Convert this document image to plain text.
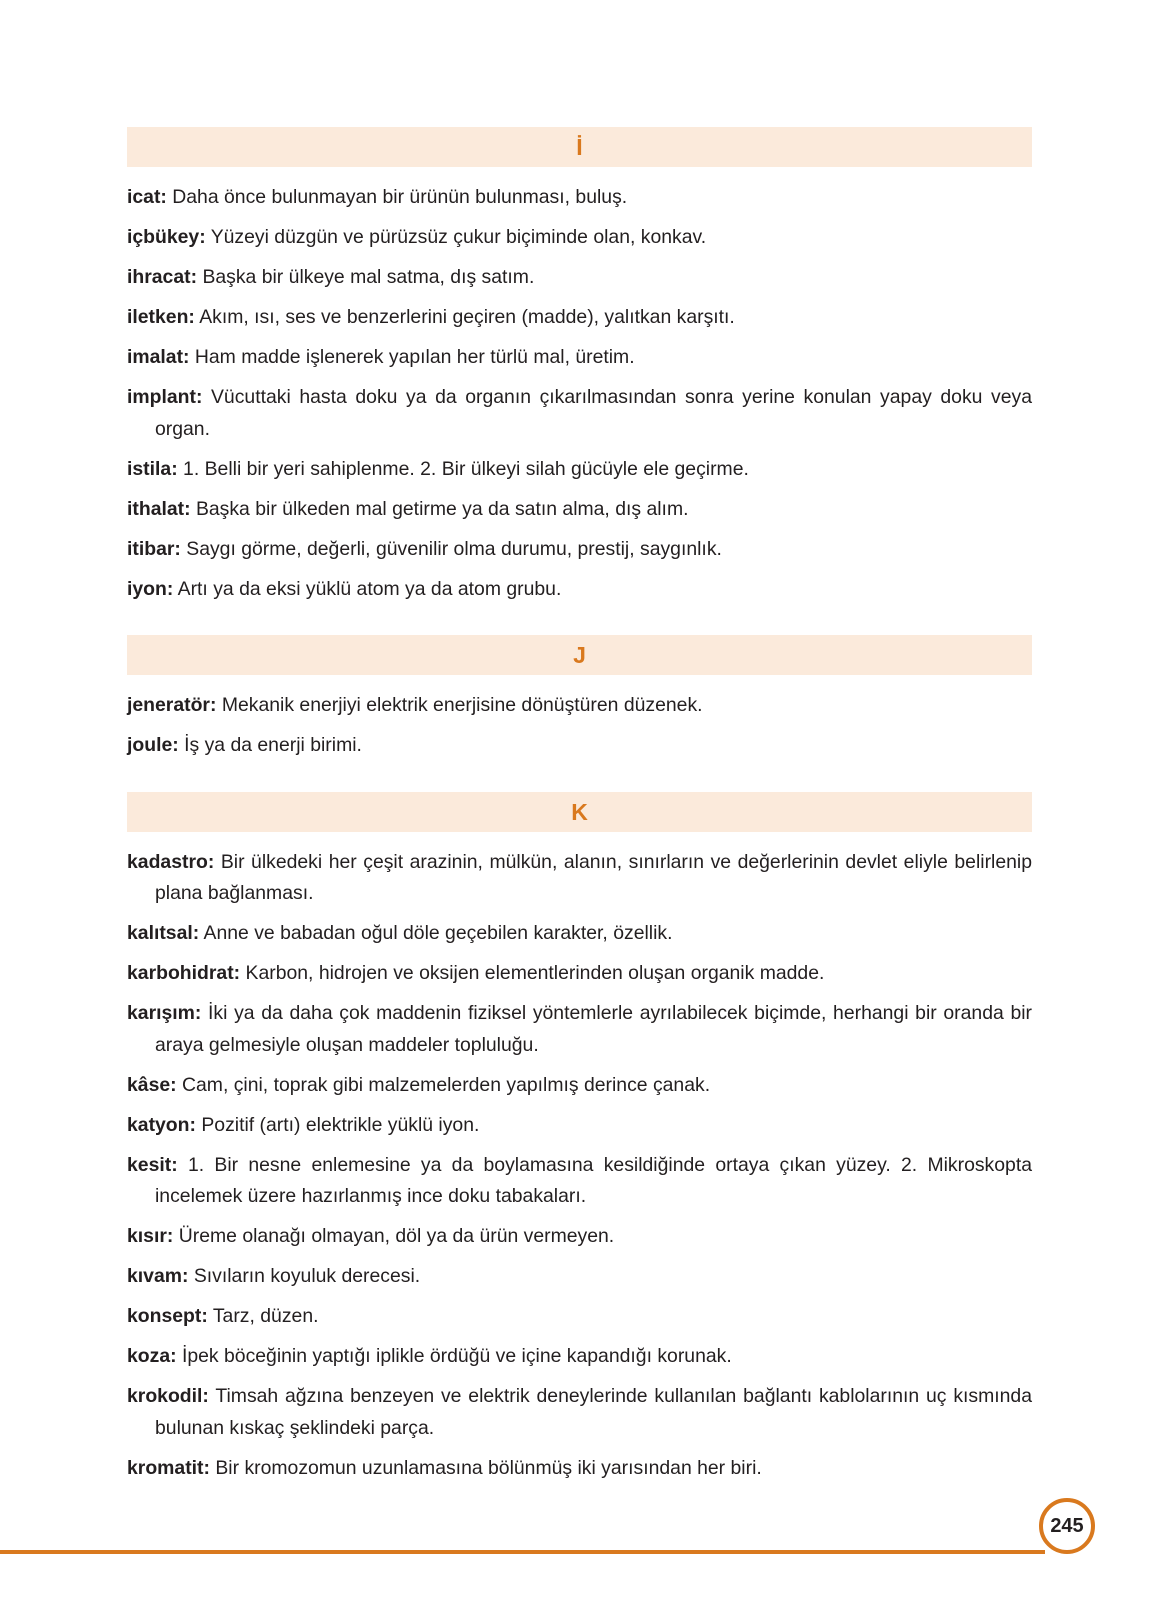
İ
icat: Daha önce bulunmayan bir ürünün bulunması, buluş.
içbükey: Yüzeyi düzgün ve pürüzsüz çukur biçiminde olan, konkav.
ihracat: Başka bir ülkeye mal satma, dış satım.
iletken: Akım, ısı, ses ve benzerlerini geçiren (madde), yalıtkan karşıtı.
imalat: Ham madde işlenerek yapılan her türlü mal, üretim.
implant: Vücuttaki hasta doku ya da organın çıkarılmasından sonra yerine konulan yapay doku veya organ.
istila: 1. Belli bir yeri sahiplenme. 2. Bir ülkeyi silah gücüyle ele geçirme.
ithalat: Başka bir ülkeden mal getirme ya da satın alma, dış alım.
itibar: Saygı görme, değerli, güvenilir olma durumu, prestij, saygınlık.
iyon: Artı ya da eksi yüklü atom ya da atom grubu.
J
jeneratör: Mekanik enerjiyi elektrik enerjisine dönüştüren düzenek.
joule: İş ya da enerji birimi.
K
kadastro: Bir ülkedeki her çeşit arazinin, mülkün, alanın, sınırların ve değerlerinin devlet eliyle belirlenip plana bağlanması.
kalıtsal: Anne ve babadan oğul döle geçebilen karakter, özellik.
karbohidrat: Karbon, hidrojen ve oksijen elementlerinden oluşan organik madde.
karışım: İki ya da daha çok maddenin fiziksel yöntemlerle ayrılabilecek biçimde, herhangi bir oranda bir araya gelmesiyle oluşan maddeler topluluğu.
kâse: Cam, çini, toprak gibi malzemelerden yapılmış derince çanak.
katyon: Pozitif (artı) elektrikle yüklü iyon.
kesit: 1. Bir nesne enlemesine ya da boylamasına kesildiğinde ortaya çıkan yüzey. 2. Mikroskopta incelemek üzere hazırlanmış ince doku tabakaları.
kısır: Üreme olanağı olmayan, döl ya da ürün vermeyen.
kıvam: Sıvıların koyuluk derecesi.
konsept: Tarz, düzen.
koza: İpek böceğinin yaptığı iplikle ördüğü ve içine kapandığı korunak.
krokodil: Timsah ağzına benzeyen ve elektrik deneylerinde kullanılan bağlantı kablolarının uç kısmında bulunan kıskaç şeklindeki parça.
kromatit: Bir kromozomun uzunlamasına bölünmüş iki yarısından her biri.
245
